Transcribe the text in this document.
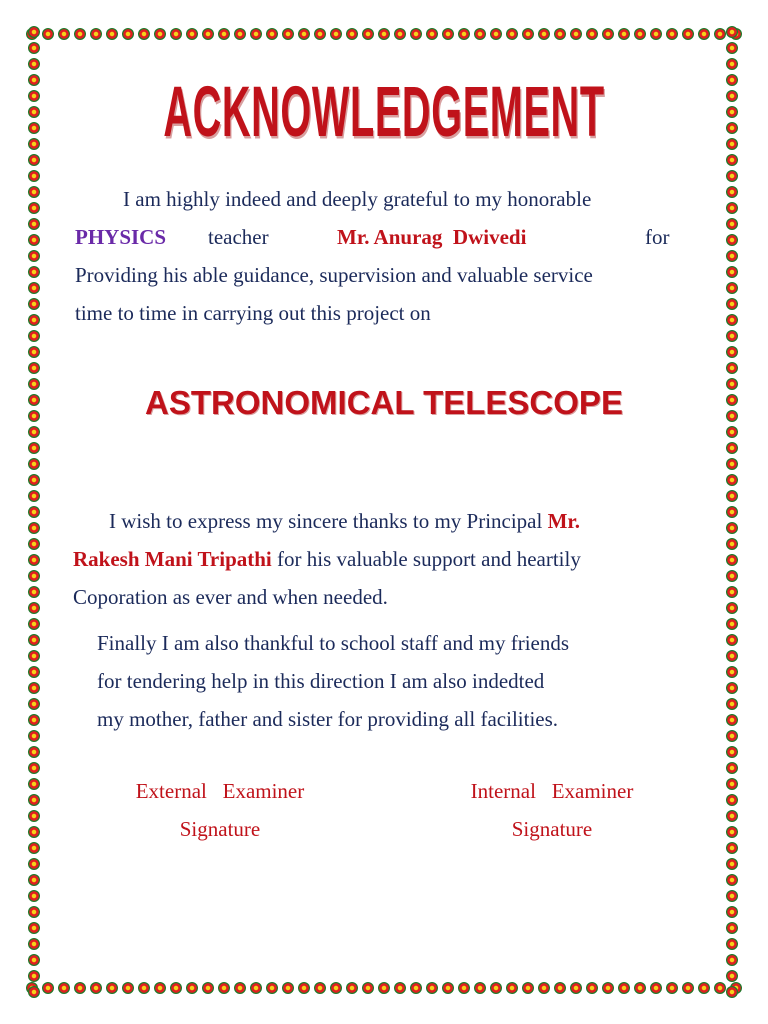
ACKNOWLEDGEMENT
I am highly indeed and deeply grateful to my honorable
PHYSICS teacher	Mr. Anurag  Dwivedi	for
Providing his able guidance, supervision and valuable service
time to time in carrying out this project on
ASTRONOMICAL TELESCOPE
I wish to express my sincere thanks to my Principal Mr.
Rakesh Mani Tripathi for his valuable support and heartily
Coporation as ever and when needed.
Finally I am also thankful to school staff and my friends
for tendering help in this direction I am also indedted
my mother, father and sister for providing all facilities.
External   Examiner
Signature
Internal   Examiner
Signature
